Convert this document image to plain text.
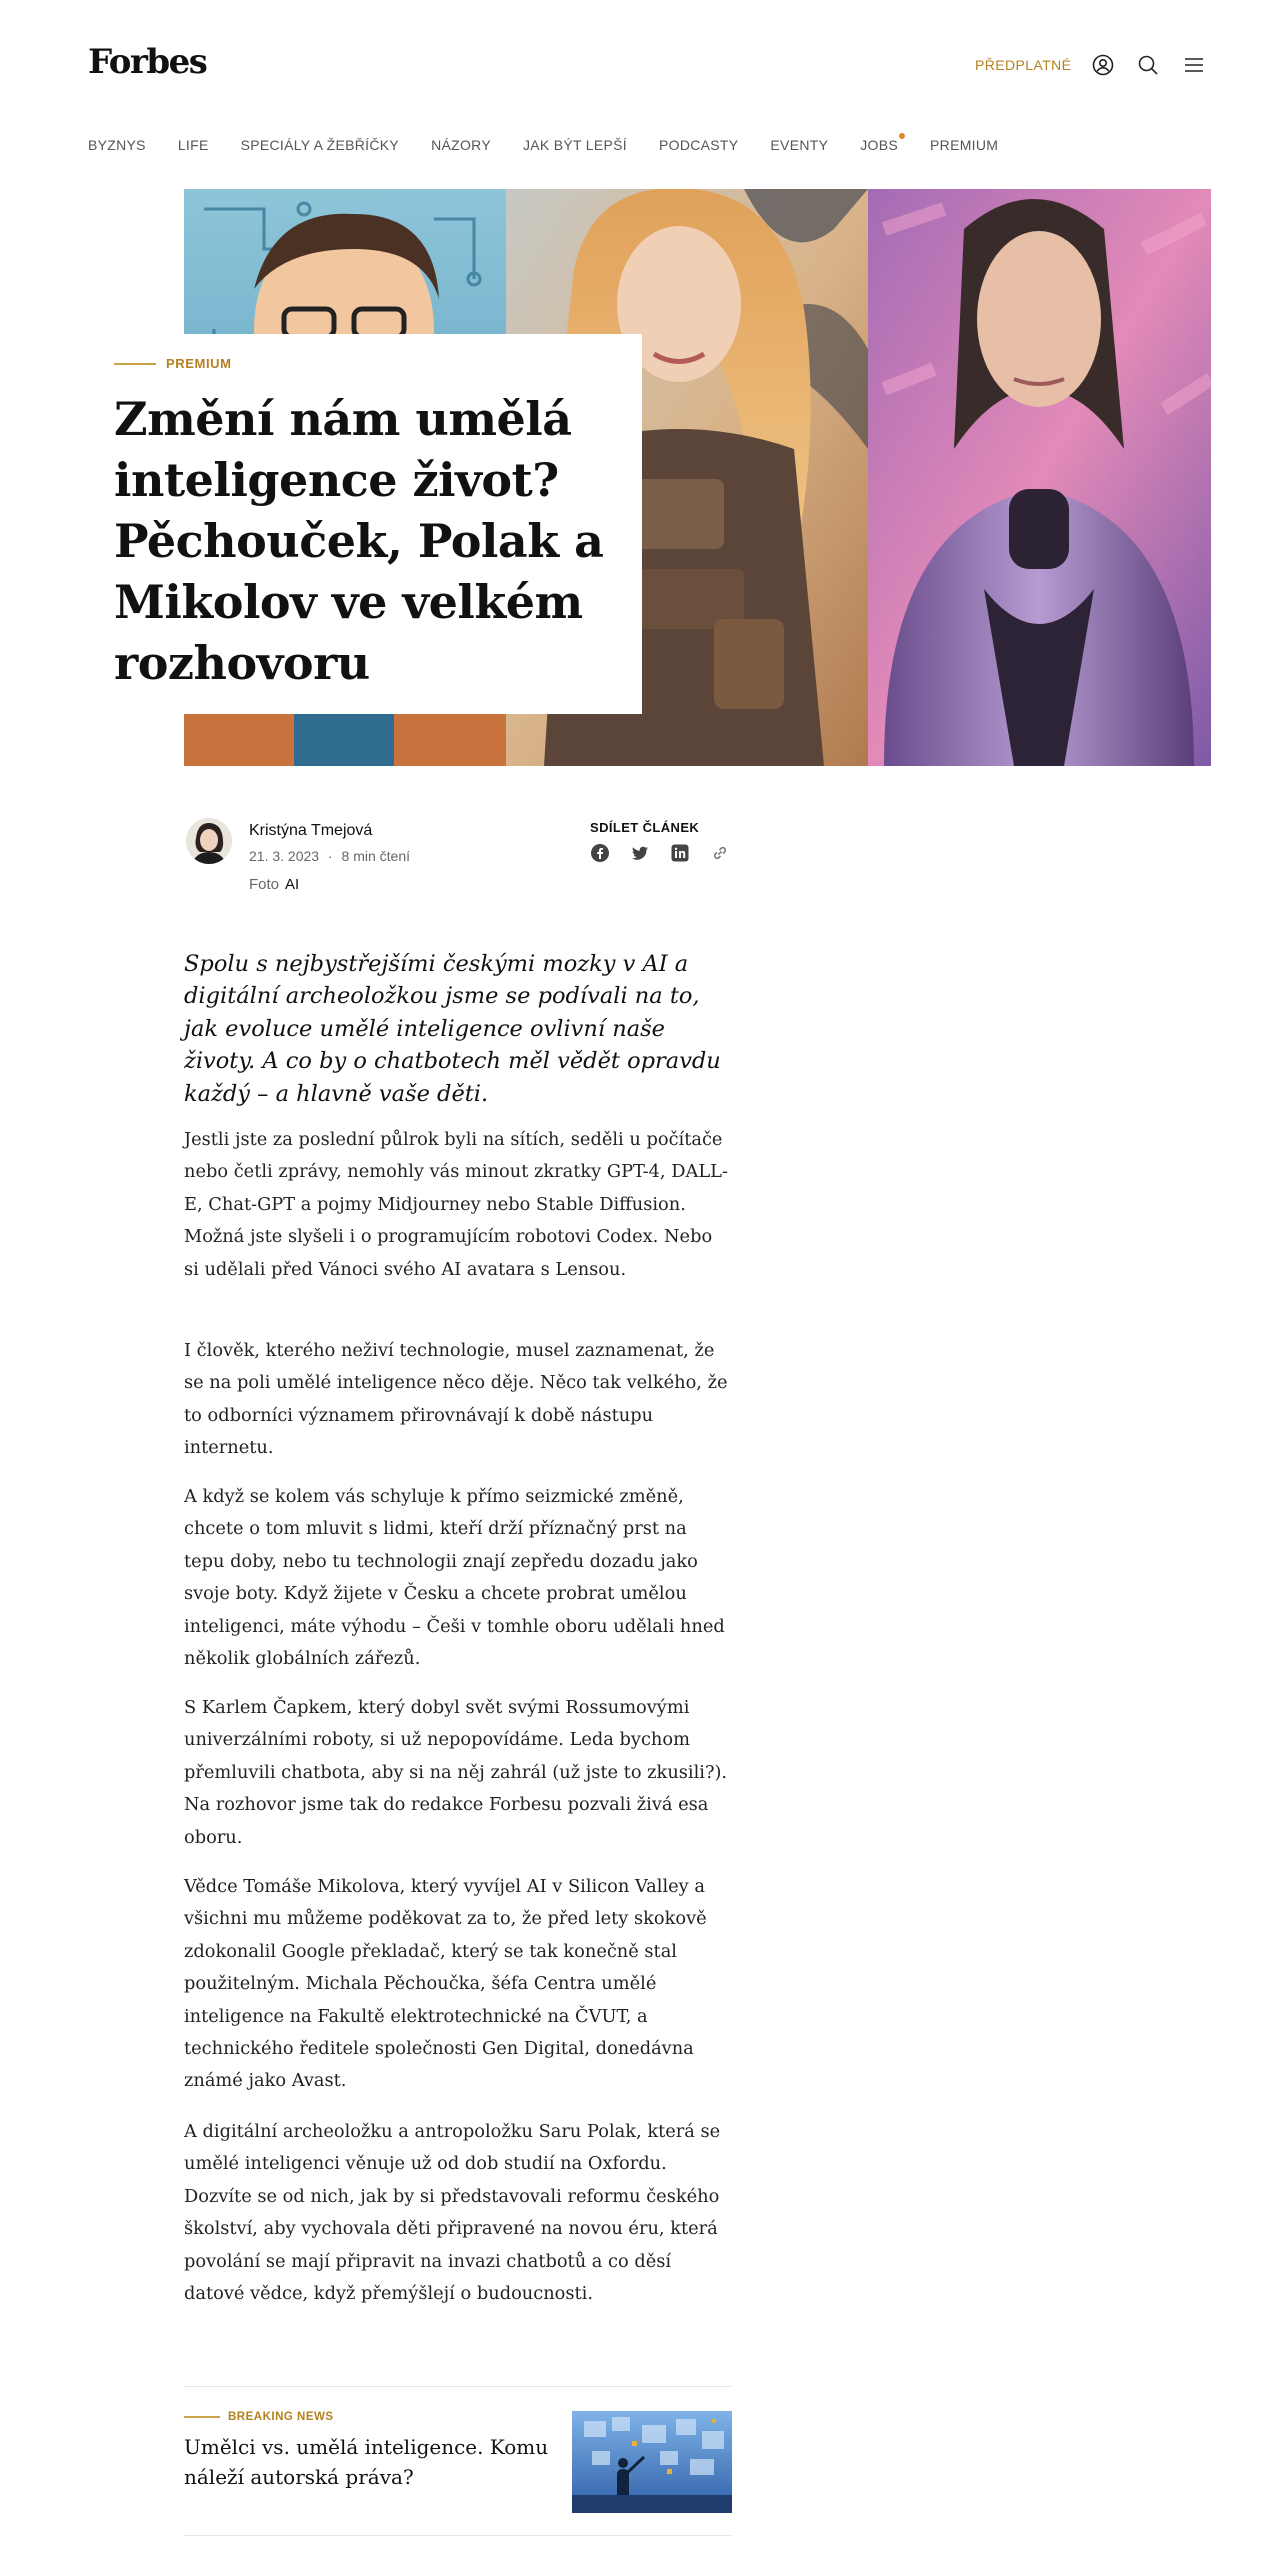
Forbes	PŘEDPLATNÉ
BYZNYS LIFE SPECIÁLY A ŽEBŘÍČKY NÁZORY JAK BÝT LEPŠÍ PODCASTY EVENTY JOBS PREMIUM
PREMIUM
Změní nám umělá inteligence život? Pěchouček, Polak a Mikolov ve velkém rozhovoru
Kristýna Tmejová
21. 3. 2023 · 8 min čtení
Foto AI
SDÍLET ČLÁNEK

Spolu s nejbystřejšími českými mozky v AI a digitální archeoložkou jsme se podívali na to, jak evoluce umělé inteligence ovlivní naše životy. A co by o chatbotech měl vědět opravdu každý – a hlavně vaše děti.

Jestli jste za poslední půlrok byli na sítích, seděli u počítače nebo četli zprávy, nemohly vás minout zkratky GPT-4, DALL-E, Chat-GPT a pojmy Midjourney nebo Stable Diffusion. Možná jste slyšeli i o programujícím robotovi Codex. Nebo si udělali před Vánoci svého AI avatara s Lensou.

I člověk, kterého neživí technologie, musel zaznamenat, že se na poli umělé inteligence něco děje. Něco tak velkého, že to odborníci významem přirovnávají k době nástupu internetu.

A když se kolem vás schyluje k přímo seizmické změně, chcete o tom mluvit s lidmi, kteří drží příznačný prst na tepu doby, nebo tu technologii znají zepředu dozadu jako svoje boty. Když žijete v Česku a chcete probrat umělou inteligenci, máte výhodu – Češi v tomhle oboru udělali hned několik globálních zářezů.

S Karlem Čapkem, který dobyl svět svými Rossumovými univerzálními roboty, si už nepopovídáme. Leda bychom přemluvili chatbota, aby si na něj zahrál (už jste to zkusili?). Na rozhovor jsme tak do redakce Forbesu pozvali živá esa oboru.

Vědce Tomáše Mikolova, který vyvíjel AI v Silicon Valley a všichni mu můžeme poděkovat za to, že před lety skokově zdokonalil Google překladač, který se tak konečně stal použitelným. Michala Pěchoučka, šéfa Centra umělé inteligence na Fakultě elektrotechnické na ČVUT, a technického ředitele společnosti Gen Digital, donedávna známé jako Avast.

A digitální archeoložku a antropoložku Saru Polak, která se umělé inteligenci věnuje už od dob studií na Oxfordu. Dozvíte se od nich, jak by si představovali reformu českého školství, aby vychovala děti připravené na novou éru, která povolání se mají připravit na invazi chatbotů a co děsí datové vědce, když přemýšlejí o budoucnosti.

BREAKING NEWS
Umělci vs. umělá inteligence. Komu náleží autorská práva?
